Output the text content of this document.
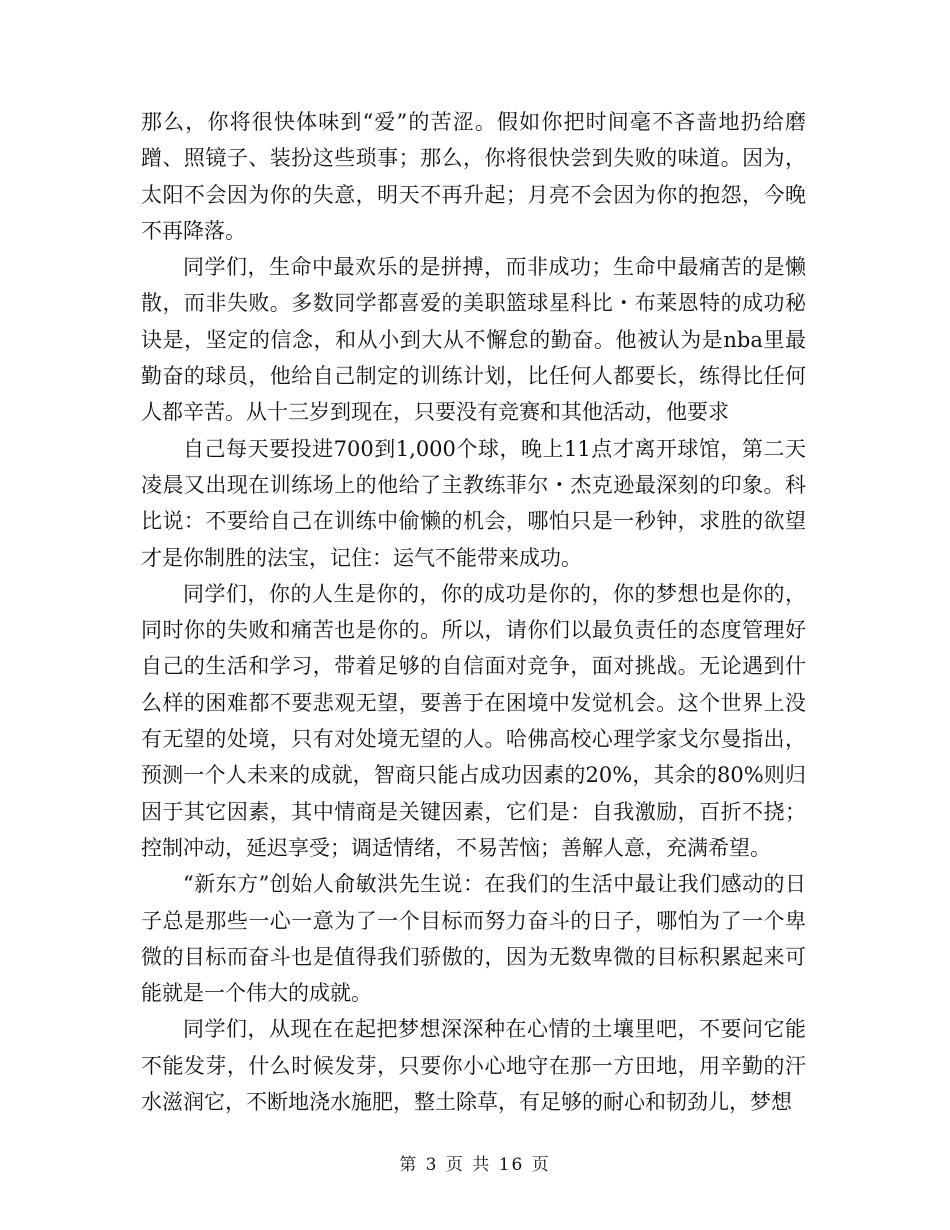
那么，你将很快体味到“爱”的苦涩。假如你把时间毫不吝啬地扔给磨蹭、照镜子、装扮这些琐事；那么，你将很快尝到失败的味道。因为，太阳不会因为你的失意，明天不再升起；月亮不会因为你的抱怨，今晚不再降落。

同学们，生命中最欢乐的是拼搏，而非成功；生命中最痛苦的是懒散，而非失败。多数同学都喜爱的美职篮球星科比・布莱恩特的成功秘诀是，坚定的信念，和从小到大从不懈怠的勤奋。他被认为是nba里最勤奋的球员，他给自己制定的训练计划，比任何人都要长，练得比任何人都辛苦。从十三岁到现在，只要没有竞赛和其他活动，他要求

自己每天要投进700到1,000个球，晚上11点才离开球馆，第二天凌晨又出现在训练场上的他给了主教练菲尔・杰克逊最深刻的印象。科比说：不要给自己在训练中偷懒的机会，哪怕只是一秒钟，求胜的欲望才是你制胜的法宝，记住：运气不能带来成功。

同学们，你的人生是你的，你的成功是你的，你的梦想也是你的，同时你的失败和痛苦也是你的。所以，请你们以最负责任的态度管理好自己的生活和学习，带着足够的自信面对竞争，面对挑战。无论遇到什么样的困难都不要悲观无望，要善于在困境中发觉机会。这个世界上没有无望的处境，只有对处境无望的人。哈佛高校心理学家戈尔曼指出，预测一个人未来的成就，智商只能占成功因素的20%，其余的80%则归因于其它因素，其中情商是关键因素，它们是：自我激励，百折不挠；控制冲动，延迟享受；调适情绪，不易苦恼；善解人意，充满希望。

“新东方”创始人俞敏洪先生说：在我们的生活中最让我们感动的日子总是那些一心一意为了一个目标而努力奋斗的日子，哪怕为了一个卑微的目标而奋斗也是值得我们骄傲的，因为无数卑微的目标积累起来可能就是一个伟大的成就。

同学们，从现在在起把梦想深深种在心情的土壤里吧，不要问它能不能发芽，什么时候发芽，只要你小心地守在那一方田地，用辛勤的汗水滋润它，不断地浇水施肥，整土除草，有足够的耐心和韧劲儿，梦想

第 3 页 共 16 页
